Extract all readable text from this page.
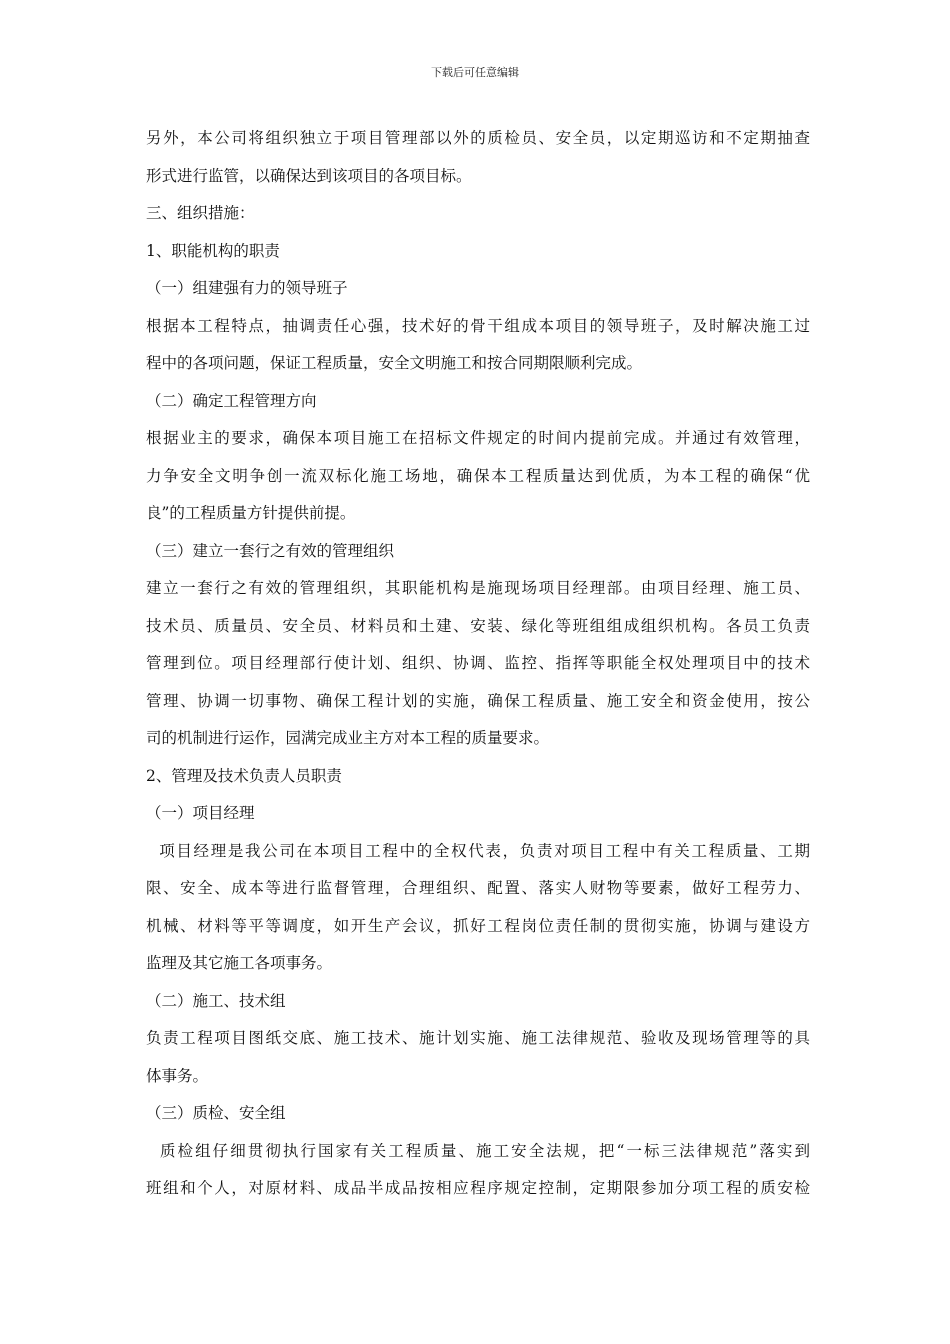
下载后可任意编辑
另外，本公司将组织独立于项目管理部以外的质检员、安全员，以定期巡访和不定期抽查
形式进行监管，以确保达到该项目的各项目标。
三、组织措施：
1、职能机构的职责
（一）组建强有力的领导班子
根据本工程特点，抽调责任心强，技术好的骨干组成本项目的领导班子，及时解决施工过
程中的各项问题，保证工程质量，安全文明施工和按合同期限顺利完成。
（二）确定工程管理方向
根据业主的要求，确保本项目施工在招标文件规定的时间内提前完成。并通过有效管理，
力争安全文明争创一流双标化施工场地，确保本工程质量达到优质，为本工程的确保“优
良”的工程质量方针提供前提。
（三）建立一套行之有效的管理组织
建立一套行之有效的管理组织，其职能机构是施现场项目经理部。由项目经理、施工员、
技术员、质量员、安全员、材料员和土建、安装、绿化等班组组成组织机构。各员工负责
管理到位。项目经理部行使计划、组织、协调、监控、指挥等职能全权处理项目中的技术
管理、协调一切事物、确保工程计划的实施，确保工程质量、施工安全和资金使用，按公
司的机制进行运作，园满完成业主方对本工程的质量要求。
2、管理及技术负责人员职责
（一）项目经理
项目经理是我公司在本项目工程中的全权代表，负责对项目工程中有关工程质量、工期
限、安全、成本等进行监督管理，合理组织、配置、落实人财物等要素，做好工程劳力、
机械、材料等平等调度，如开生产会议，抓好工程岗位责任制的贯彻实施，协调与建设方
监理及其它施工各项事务。
（二）施工、技术组
负责工程项目图纸交底、施工技术、施计划实施、施工法律规范、验收及现场管理等的具
体事务。
（三）质检、安全组
质检组仔细贯彻执行国家有关工程质量、施工安全法规，把“一标三法律规范”落实到
班组和个人，对原材料、成品半成品按相应程序规定控制，定期限参加分项工程的质安检
